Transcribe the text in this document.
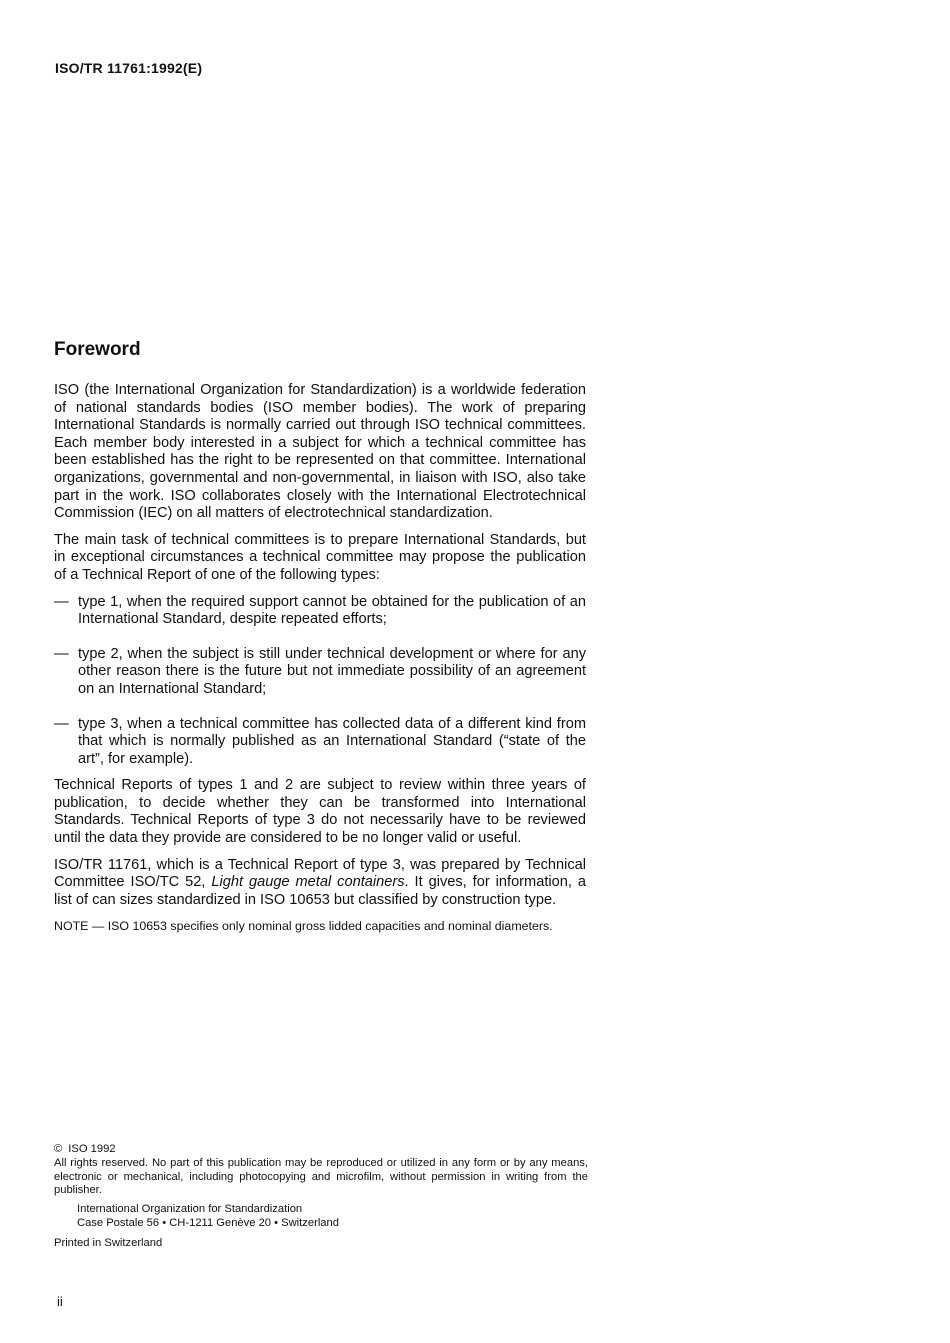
ISO/TR 11761:1992(E)
Foreword

ISO (the International Organization for Standardization) is a worldwide federation of national standards bodies (ISO member bodies). The work of preparing International Standards is normally carried out through ISO technical committees. Each member body interested in a subject for which a technical committee has been established has the right to be represented on that committee. International organizations, governmental and non-governmental, in liaison with ISO, also take part in the work. ISO collaborates closely with the International Electrotechnical Commission (IEC) on all matters of electrotechnical standardization.

The main task of technical committees is to prepare International Standards, but in exceptional circumstances a technical committee may propose the publication of a Technical Report of one of the following types:

— type 1, when the required support cannot be obtained for the publication of an International Standard, despite repeated efforts;
— type 2, when the subject is still under technical development or where for any other reason there is the future but not immediate possibility of an agreement on an International Standard;
— type 3, when a technical committee has collected data of a different kind from that which is normally published as an International Standard (“state of the art”, for example).

Technical Reports of types 1 and 2 are subject to review within three years of publication, to decide whether they can be transformed into International Standards. Technical Reports of type 3 do not necessarily have to be reviewed until the data they provide are considered to be no longer valid or useful.

ISO/TR 11761, which is a Technical Report of type 3, was prepared by Technical Committee ISO/TC 52, Light gauge metal containers. It gives, for information, a list of can sizes standardized in ISO 10653 but classified by construction type.

NOTE — ISO 10653 specifies only nominal gross lidded capacities and nominal diameters.

© ISO 1992

All rights reserved. No part of this publication may be reproduced or utilized in any form or by any means, electronic or mechanical, including photocopying and microfilm, without permission in writing from the publisher.

International Organization for Standardization

Case Postale 56 • CH-1211 Genève 20 • Switzerland

Printed in Switzerland

ii
